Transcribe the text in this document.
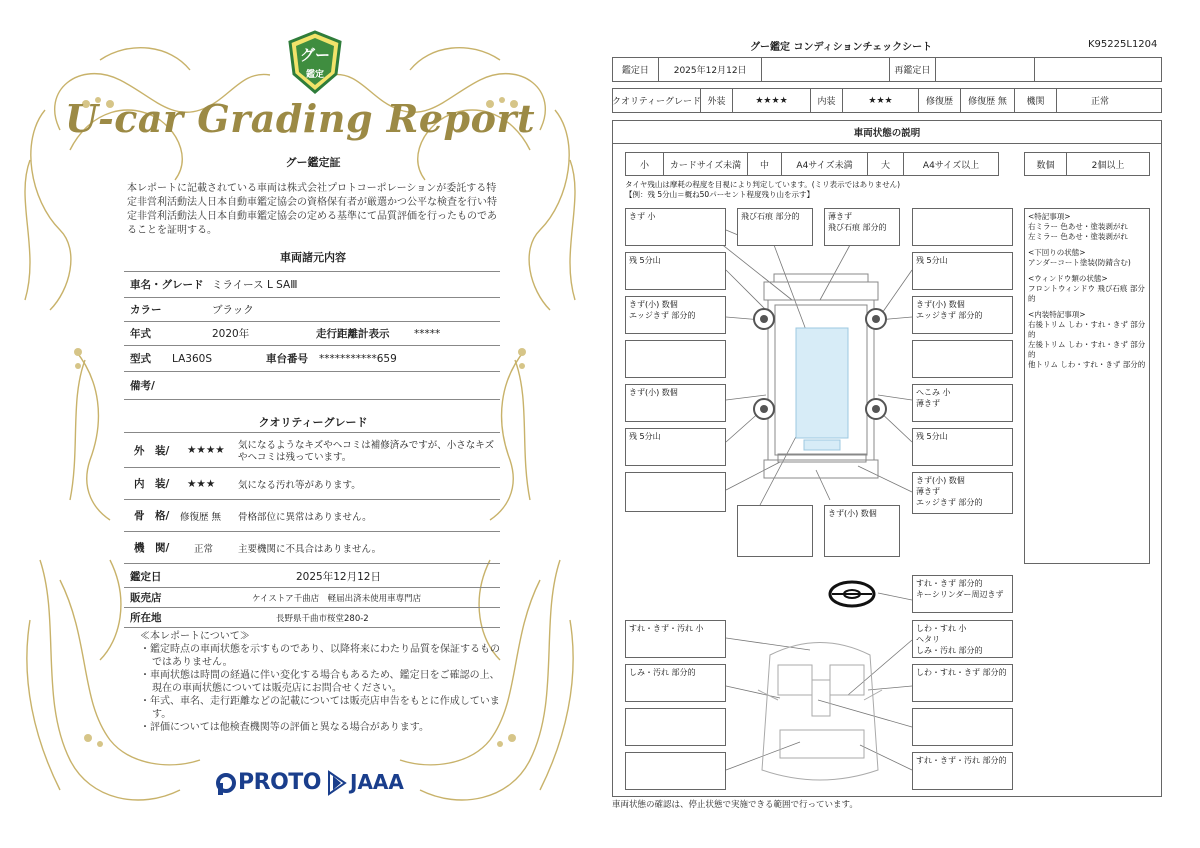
グー
鑑定
U-car Grading Report
グー鑑定証
本レポートに記載されている車両は株式会社プロトコーポレーションが委託する特定非営利活動法人日本自動車鑑定協会の資格保有者が厳選かつ公平な検査を行い特定非営利活動法人日本自動車鑑定協会の定める基準にて品質評価を行ったものであることを証明する。
車両諸元内容
車名・グレード ミライース L SAⅢ
カラー	ブラック
年式	2020年	走行距離計表示 *****
型式 LA360S	車台番号 ***********659
備考/
クオリティーグレード
外　装/ ★★★★ 気になるようなキズやヘコミは補修済みですが、小さなキズやヘコミは残っています。
内　装/ ★★★ 気になる汚れ等があります。
骨　格/ 修復歴 無 骨格部位に異常はありません。
機　関/	正常	主要機関に不具合はありません。
鑑定日	2025年12月12日
販売店	ケイストア千曲店　軽届出済未使用車専門店
所在地	長野県千曲市桜堂280-2
≪本レポートについて≫
・鑑定時点の車両状態を示すものであり、以降将来にわたり品質を保証するものではありません。
・車両状態は時間の経過に伴い変化する場合もあるため、鑑定日をご確認の上、現在の車両状態については販売店にお問合せください。
・年式、車名、走行距離などの記載については販売店申告をもとに作成しています。
・評価については他検査機関等の評価と異なる場合があります。
PROTO JAAA
グー鑑定 コンディションチェックシート	K95225L1204
鑑定日	2025年12月12日	再鑑定日
クオリティーグレード 外装	★★★★	内装	★★★	修復歴	修復歴 無	機関	正常
車両状態の説明
小	カードサイズ未満	中	A4サイズ未満	大	A4サイズ以上	数個	2個以上
タイヤ残山は摩耗の程度を目視により判定しています。(ミリ表示ではありません)
【例：残 5分山＝概ね50パーセント程度残り山を示す】
きず 小	飛び石痕 部分的	薄きず
飛び石痕 部分的
残 5分山	残 5分山
きず(小) 数個
エッジきず 部分的
きず(小) 数個
エッジきず 部分的
きず(小) 数個	へこみ 小
薄きず
残 5分山	残 5分山
きず(小) 数個
薄きず
エッジきず 部分的
きず(小) 数個
<特記事項>
右ミラー 色あせ・塗装剥がれ
左ミラー 色あせ・塗装剥がれ
<下回りの状態>
アンダーコート塗装(防錆含む)
<ウィンドウ類の状態>
フロントウィンドウ 飛び石痕 部分的
<内装特記事項>
右後トリム しわ・すれ・きず 部分的
左後トリム しわ・すれ・きず 部分的
他トリム しわ・すれ・きず 部分的
すれ・きず 部分的
キーシリンダー周辺きず
すれ・きず・汚れ 小	しわ・すれ 小
ヘタリ
しみ・汚れ 部分的
しみ・汚れ 部分的	しわ・すれ・きず 部分的
すれ・きず・汚れ 部分的
車両状態の確認は、停止状態で実施できる範囲で行っています。
